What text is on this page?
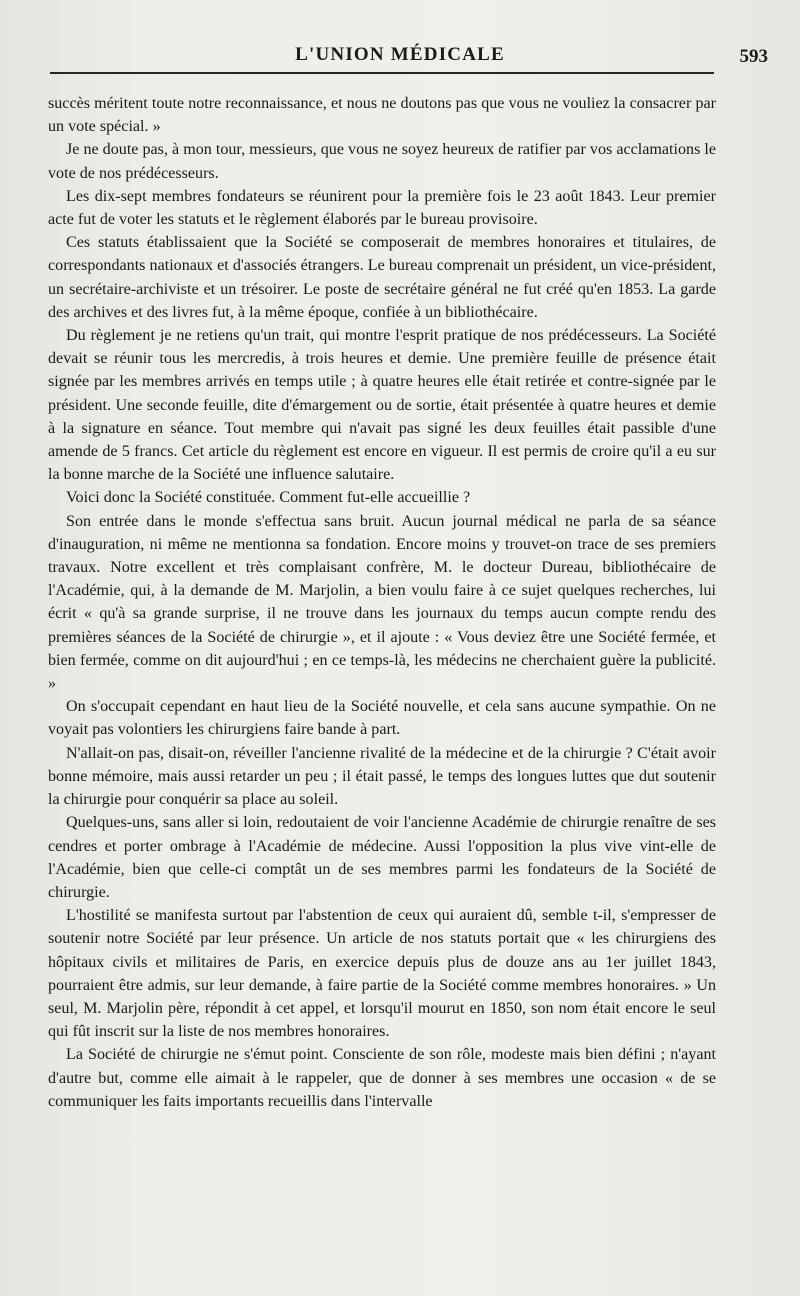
L'UNION MÉDICALE	593

succès méritent toute notre reconnaissance, et nous ne doutons pas que vous ne vouliez la consacrer par un vote spécial. »

Je ne doute pas, à mon tour, messieurs, que vous ne soyez heureux de ratifier par vos acclamations le vote de nos prédécesseurs.

Les dix-sept membres fondateurs se réunirent pour la première fois le 23 août 1843. Leur premier acte fut de voter les statuts et le règlement élaborés par le bureau provisoire.

Ces statuts établissaient que la Société se composerait de membres honoraires et titulaires, de correspondants nationaux et d'associés étrangers. Le bureau comprenait un président, un vice-président, un secrétaire-archiviste et un trésoirer. Le poste de secrétaire général ne fut créé qu'en 1853. La garde des archives et des livres fut, à la même époque, confiée à un bibliothécaire.

Du règlement je ne retiens qu'un trait, qui montre l'esprit pratique de nos prédécesseurs. La Société devait se réunir tous les mercredis, à trois heures et demie. Une première feuille de présence était signée par les membres arrivés en temps utile ; à quatre heures elle était retirée et contre-signée par le président. Une seconde feuille, dite d'émargement ou de sortie, était présentée à quatre heures et demie à la signature en séance. Tout membre qui n'avait pas signé les deux feuilles était passible d'une amende de 5 francs. Cet article du règlement est encore en vigueur. Il est permis de croire qu'il a eu sur la bonne marche de la Société une influence salutaire.

Voici donc la Société constituée. Comment fut-elle accueillie ?

Son entrée dans le monde s'effectua sans bruit. Aucun journal médical ne parla de sa séance d'inauguration, ni même ne mentionna sa fondation. Encore moins y trouvet-on trace de ses premiers travaux. Notre excellent et très complaisant confrère, M. le docteur Dureau, bibliothécaire de l'Académie, qui, à la demande de M. Marjolin, a bien voulu faire à ce sujet quelques recherches, lui écrit « qu'à sa grande surprise, il ne trouve dans les journaux du temps aucun compte rendu des premières séances de la Société de chirurgie », et il ajoute : « Vous deviez être une Société fermée, et bien fermée, comme on dit aujourd'hui ; en ce temps-là, les médecins ne cherchaient guère la publicité. »

On s'occupait cependant en haut lieu de la Société nouvelle, et cela sans aucune sympathie. On ne voyait pas volontiers les chirurgiens faire bande à part.

N'allait-on pas, disait-on, réveiller l'ancienne rivalité de la médecine et de la chirurgie ? C'était avoir bonne mémoire, mais aussi retarder un peu ; il était passé, le temps des longues luttes que dut soutenir la chirurgie pour conquérir sa place au soleil.

Quelques-uns, sans aller si loin, redoutaient de voir l'ancienne Académie de chirurgie renaître de ses cendres et porter ombrage à l'Académie de médecine. Aussi l'opposition la plus vive vint-elle de l'Académie, bien que celle-ci comptât un de ses membres parmi les fondateurs de la Société de chirurgie.

L'hostilité se manifesta surtout par l'abstention de ceux qui auraient dû, semble t-il, s'empresser de soutenir notre Société par leur présence. Un article de nos statuts portait que « les chirurgiens des hôpitaux civils et militaires de Paris, en exercice depuis plus de douze ans au 1er juillet 1843, pourraient être admis, sur leur demande, à faire partie de la Société comme membres honoraires. » Un seul, M. Marjolin père, répondit à cet appel, et lorsqu'il mourut en 1850, son nom était encore le seul qui fût inscrit sur la liste de nos membres honoraires.

La Société de chirurgie ne s'émut point. Consciente de son rôle, modeste mais bien défini ; n'ayant d'autre but, comme elle aimait à le rappeler, que de donner à ses membres une occasion « de se communiquer les faits importants recueillis dans l'intervalle
